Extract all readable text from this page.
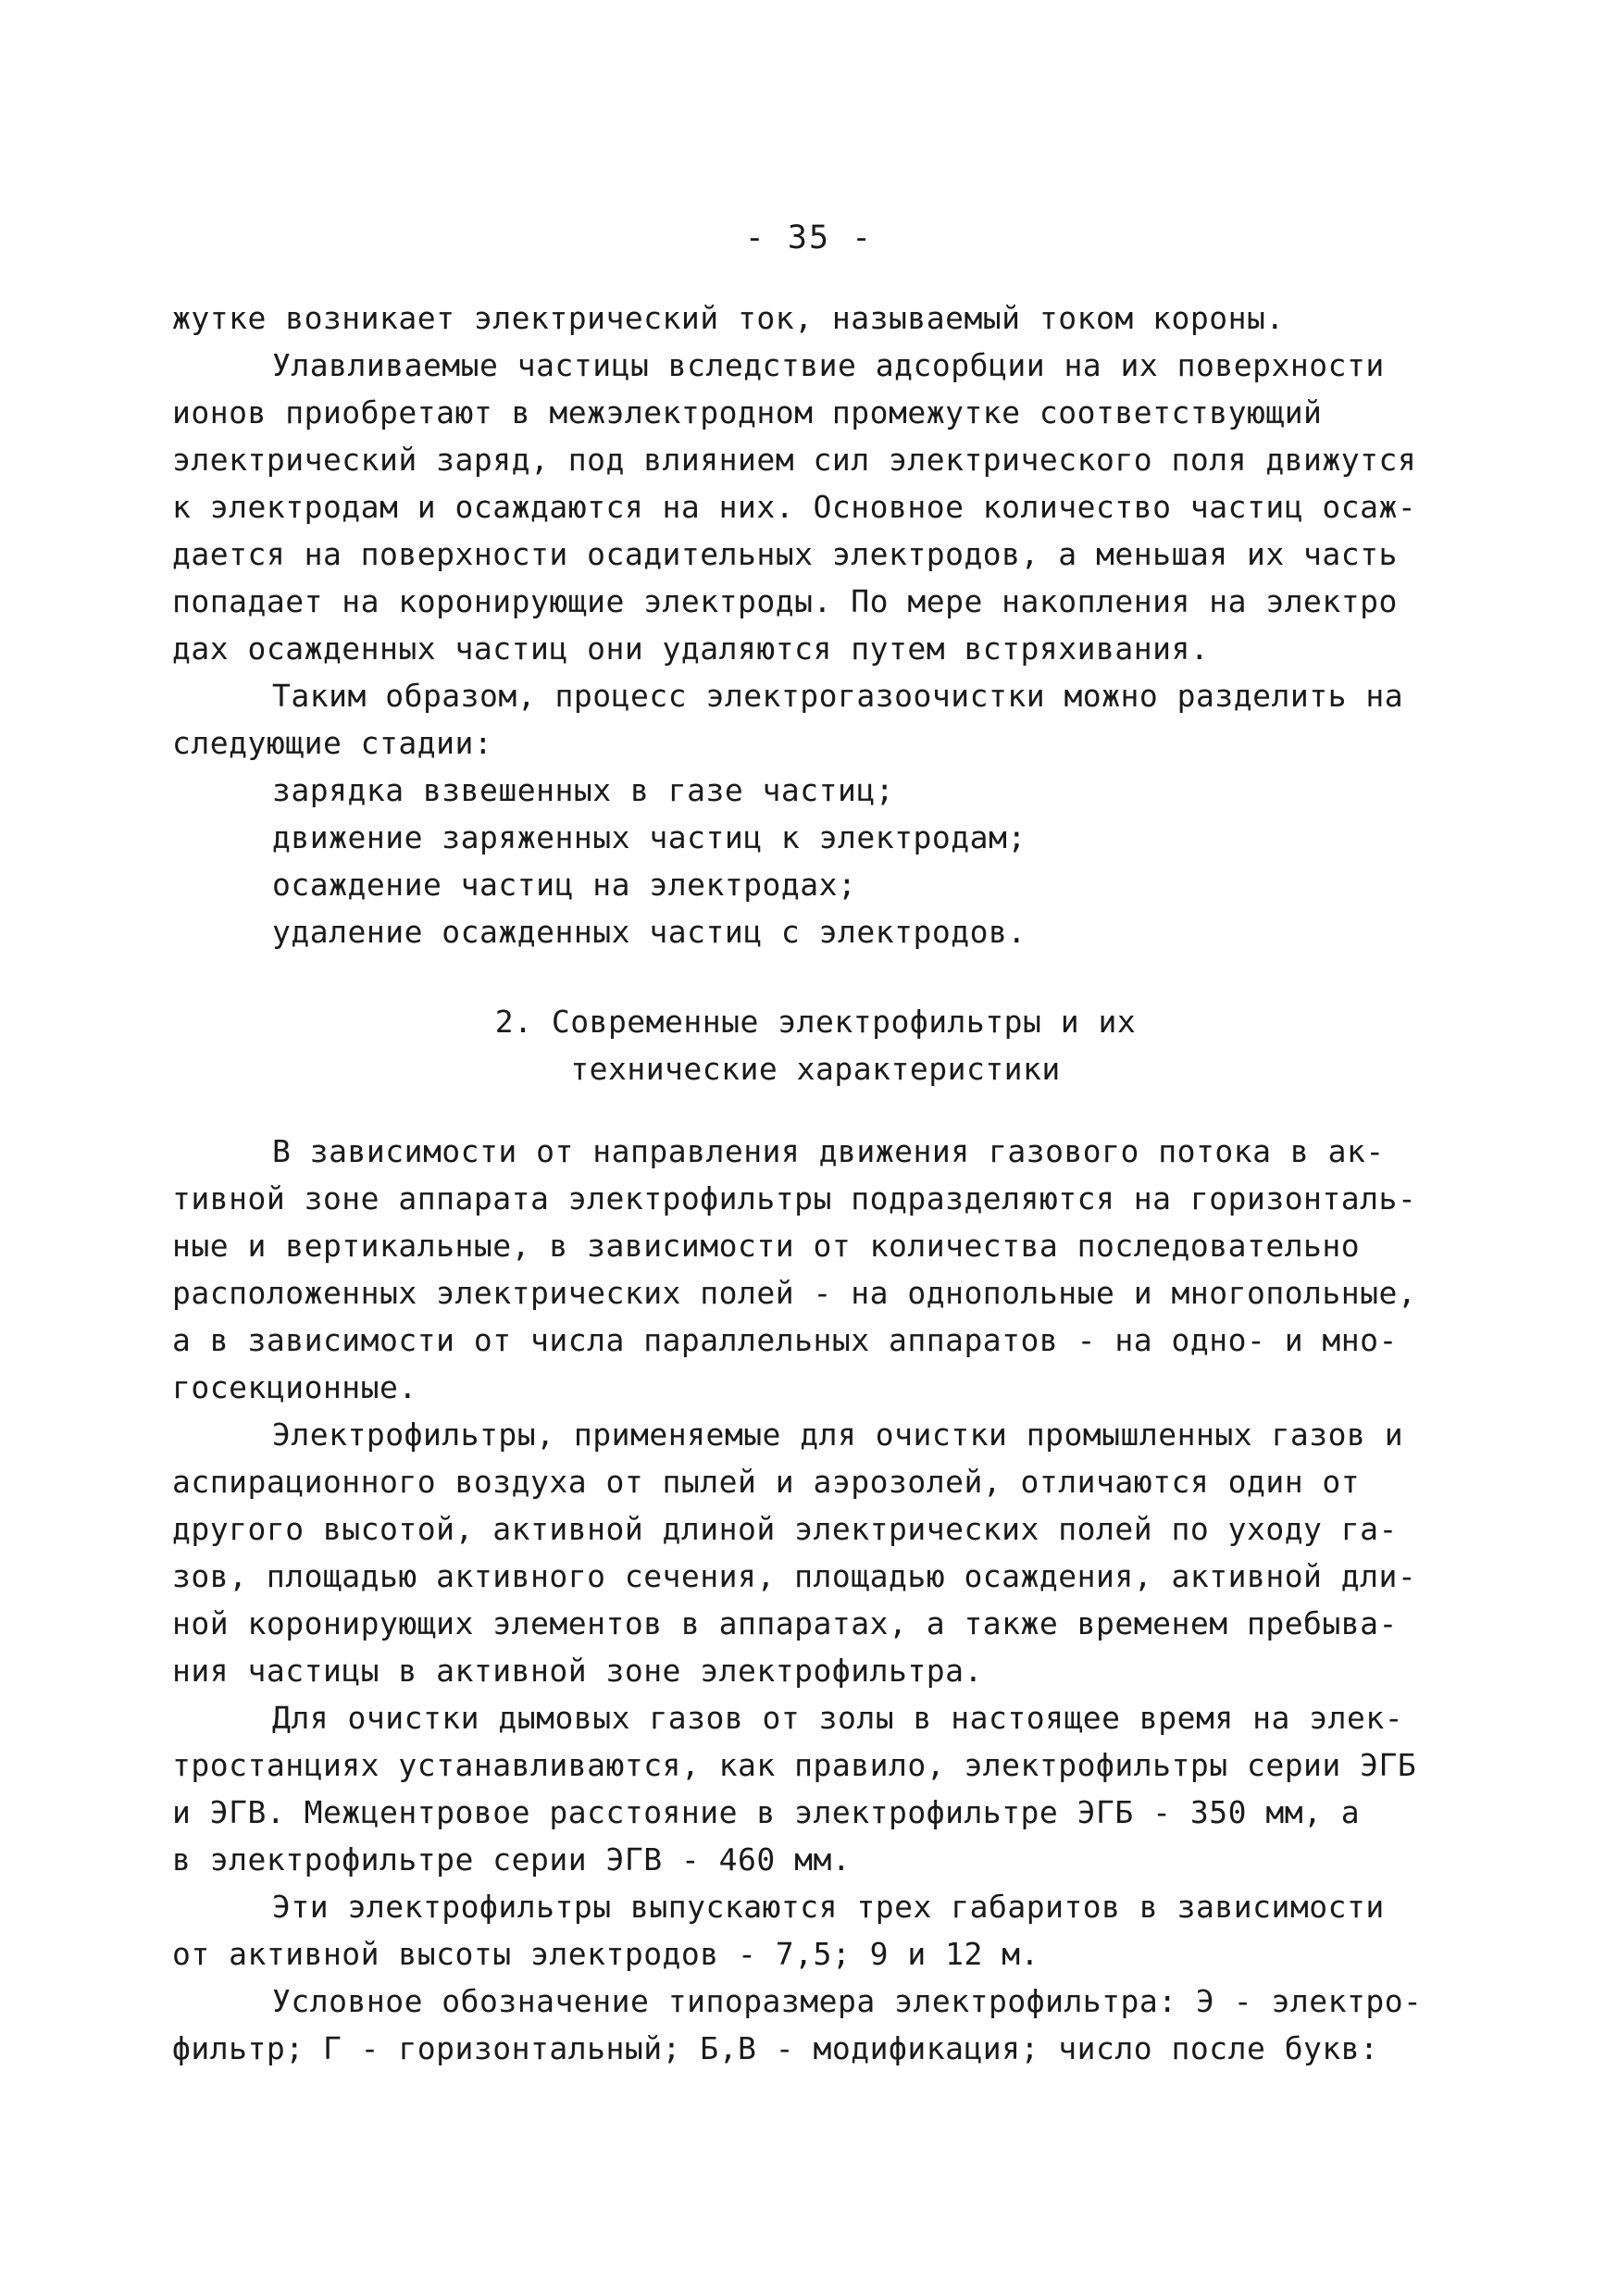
- 35 -
жутке возникает электрический ток, называемый током короны.
Улавливаемые частицы вследствие адсорбции на их поверхности
ионов приобретают в межэлектродном промежутке соответствующий
электрический заряд, под влиянием сил электрического поля движутся
к электродам и осаждаются на них. Основное количество частиц осаж-
дается на поверхности осадительных электродов, а меньшая их часть
попадает на коронирующие электроды. По мере накопления на электро
дах осажденных частиц они удаляются путем встряхивания.
Таким образом, процесс электрогазоочистки можно разделить на
следующие стадии:
зарядка взвешенных в газе частиц;
движение заряженных частиц к электродам;
осаждение частиц на электродах;
удаление осажденных частиц с электродов.
2. Современные электрофильтры и их
технические характеристики
В зависимости от направления движения газового потока в ак-
тивной зоне аппарата электрофильтры подразделяются на горизонталь-
ные и вертикальные, в зависимости от количества последовательно
расположенных электрических полей - на однопольные и многопольные,
а в зависимости от числа параллельных аппаратов - на одно- и мно-
госекционные.
Электрофильтры, применяемые для очистки промышленных газов и
аспирационного воздуха от пылей и аэрозолей, отличаются один от
другого высотой, активной длиной электрических полей по уходу га-
зов, площадью активного сечения, площадью осаждения, активной дли-
ной коронирующих элементов в аппаратах, а также временем пребыва-
ния частицы в активной зоне электрофильтра.
Для очистки дымовых газов от золы в настоящее время на элек-
тростанциях устанавливаются, как правило, электрофильтры серии ЭГБ
и ЭГВ. Межцентровое расстояние в электрофильтре ЭГБ - 350 мм, а
в электрофильтре серии ЭГВ - 460 мм.
Эти электрофильтры выпускаются трех габаритов в зависимости
от активной высоты электродов - 7,5; 9 и 12 м.
Условное обозначение типоразмера электрофильтра: Э - электро-
фильтр; Г - горизонтальный; Б,В - модификация; число после букв:
